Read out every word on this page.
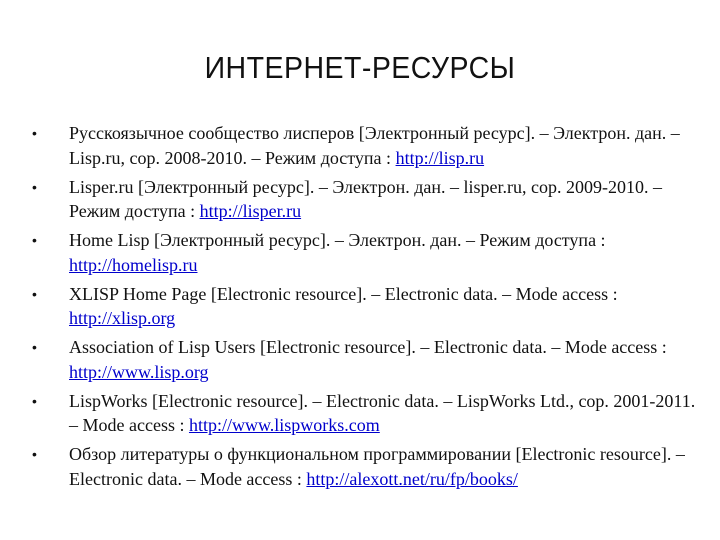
ИНТЕРНЕТ-РЕСУРСЫ
• Русскоязычное сообщество лисперов [Электронный ресурс]. – Электрон. дан. – Lisp.ru, cop. 2008-2010. – Режим доступа : http://lisp.ru
• Lisper.ru [Электронный ресурс]. – Электрон. дан. – lisper.ru, cop. 2009-2010. – Режим доступа : http://lisper.ru
• Home Lisp [Электронный ресурс]. – Электрон. дан. – Режим доступа : http://homelisp.ru
• XLISP Home Page [Electronic resource]. – Electronic data. – Mode access : http://xlisp.org
• Association of Lisp Users [Electronic resource]. – Electronic data. – Mode access : http://www.lisp.org
• LispWorks [Electronic resource]. – Electronic data. – LispWorks Ltd., cop. 2001-2011. – Mode access : http://www.lispworks.com
• Обзор литературы о функциональном программировании [Electronic resource]. – Electronic data. – Mode access : http://alexott.net/ru/fp/books/
